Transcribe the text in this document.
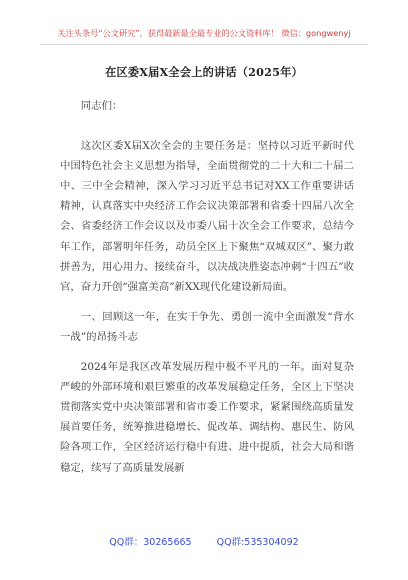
关注头条号“公文研究”，获得最新最全最专业的公文资料库！ 微信：gongwenyj
在区委X届X全会上的讲话（2025年）

同志们：

这次区委X届X次全会的主要任务是：坚持以习近平新时代中国特色社会主义思想为指导，全面贯彻党的二十大和二十届二中、三中全会精神，深入学习习近平总书记对XX工作重要讲话精神，认真落实中央经济工作会议决策部署和省委十四届八次全会、省委经济工作会议以及市委八届十次全会工作要求，总结今年工作，部署明年任务，动员全区上下聚焦“双城双区”、聚力敢拼善为，用心用力、接续奋斗，以决战决胜姿态冲刺“十四五”收官，奋力开创“强富美高”新XX现代化建设新局面。

一、回顾这一年，在实干争先、勇创一流中全面激发“背水一战”的昂扬斗志

2024年是我区改革发展历程中极不平凡的一年。面对复杂严峻的外部环境和艰巨繁重的改革发展稳定任务，全区上下坚决贯彻落实党中央决策部署和省市委工作要求，紧紧围绕高质量发展首要任务，统筹推进稳增长、促改革、调结构、惠民生、防风险各项工作，全区经济运行稳中有进、进中提质，社会大局和谐稳定，续写了高质量发展新

QQ群：30265665	QQ群:535304092
